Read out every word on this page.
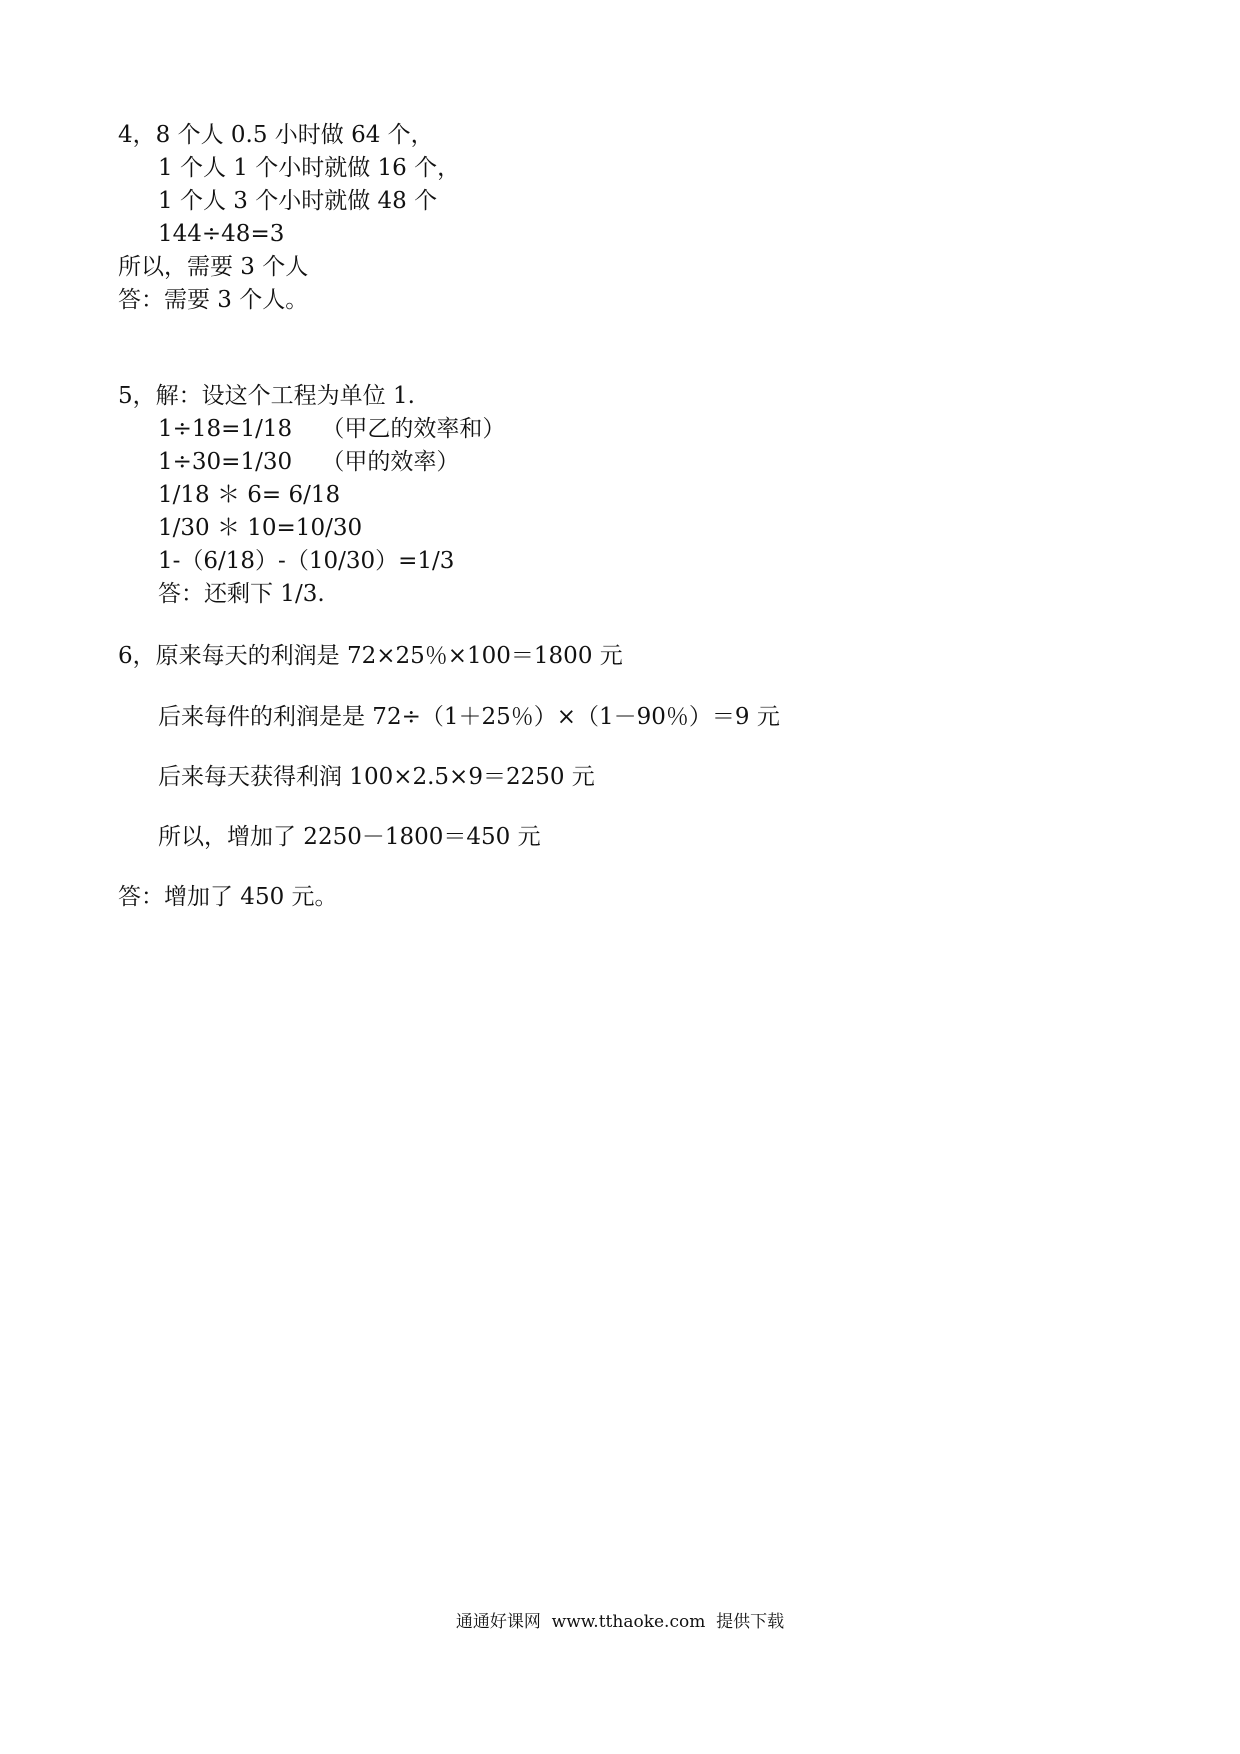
4，8 个人 0.5 小时做 64 个，
1 个人 1 个小时就做 16 个，
1 个人 3 个小时就做 48 个
144÷48=3
所以，需要 3 个人
答：需要 3 个人。
5，解：设这个工程为单位 1.
1÷18=1/18    （甲乙的效率和）
1÷30=1/30    （甲的效率）
1/18 ＊ 6= 6/18
1/30 ＊ 10=10/30
1-（6/18）-（10/30）=1/3
答：还剩下 1/3.
6，原来每天的利润是 72×25％×100＝1800 元
后来每件的利润是是 72÷（1＋25％）×（1－90％）＝9 元
后来每天获得利润 100×2.5×9＝2250 元
所以，增加了 2250－1800＝450 元
答：增加了 450 元。
通通好课网  www.tthaoke.com  提供下载
